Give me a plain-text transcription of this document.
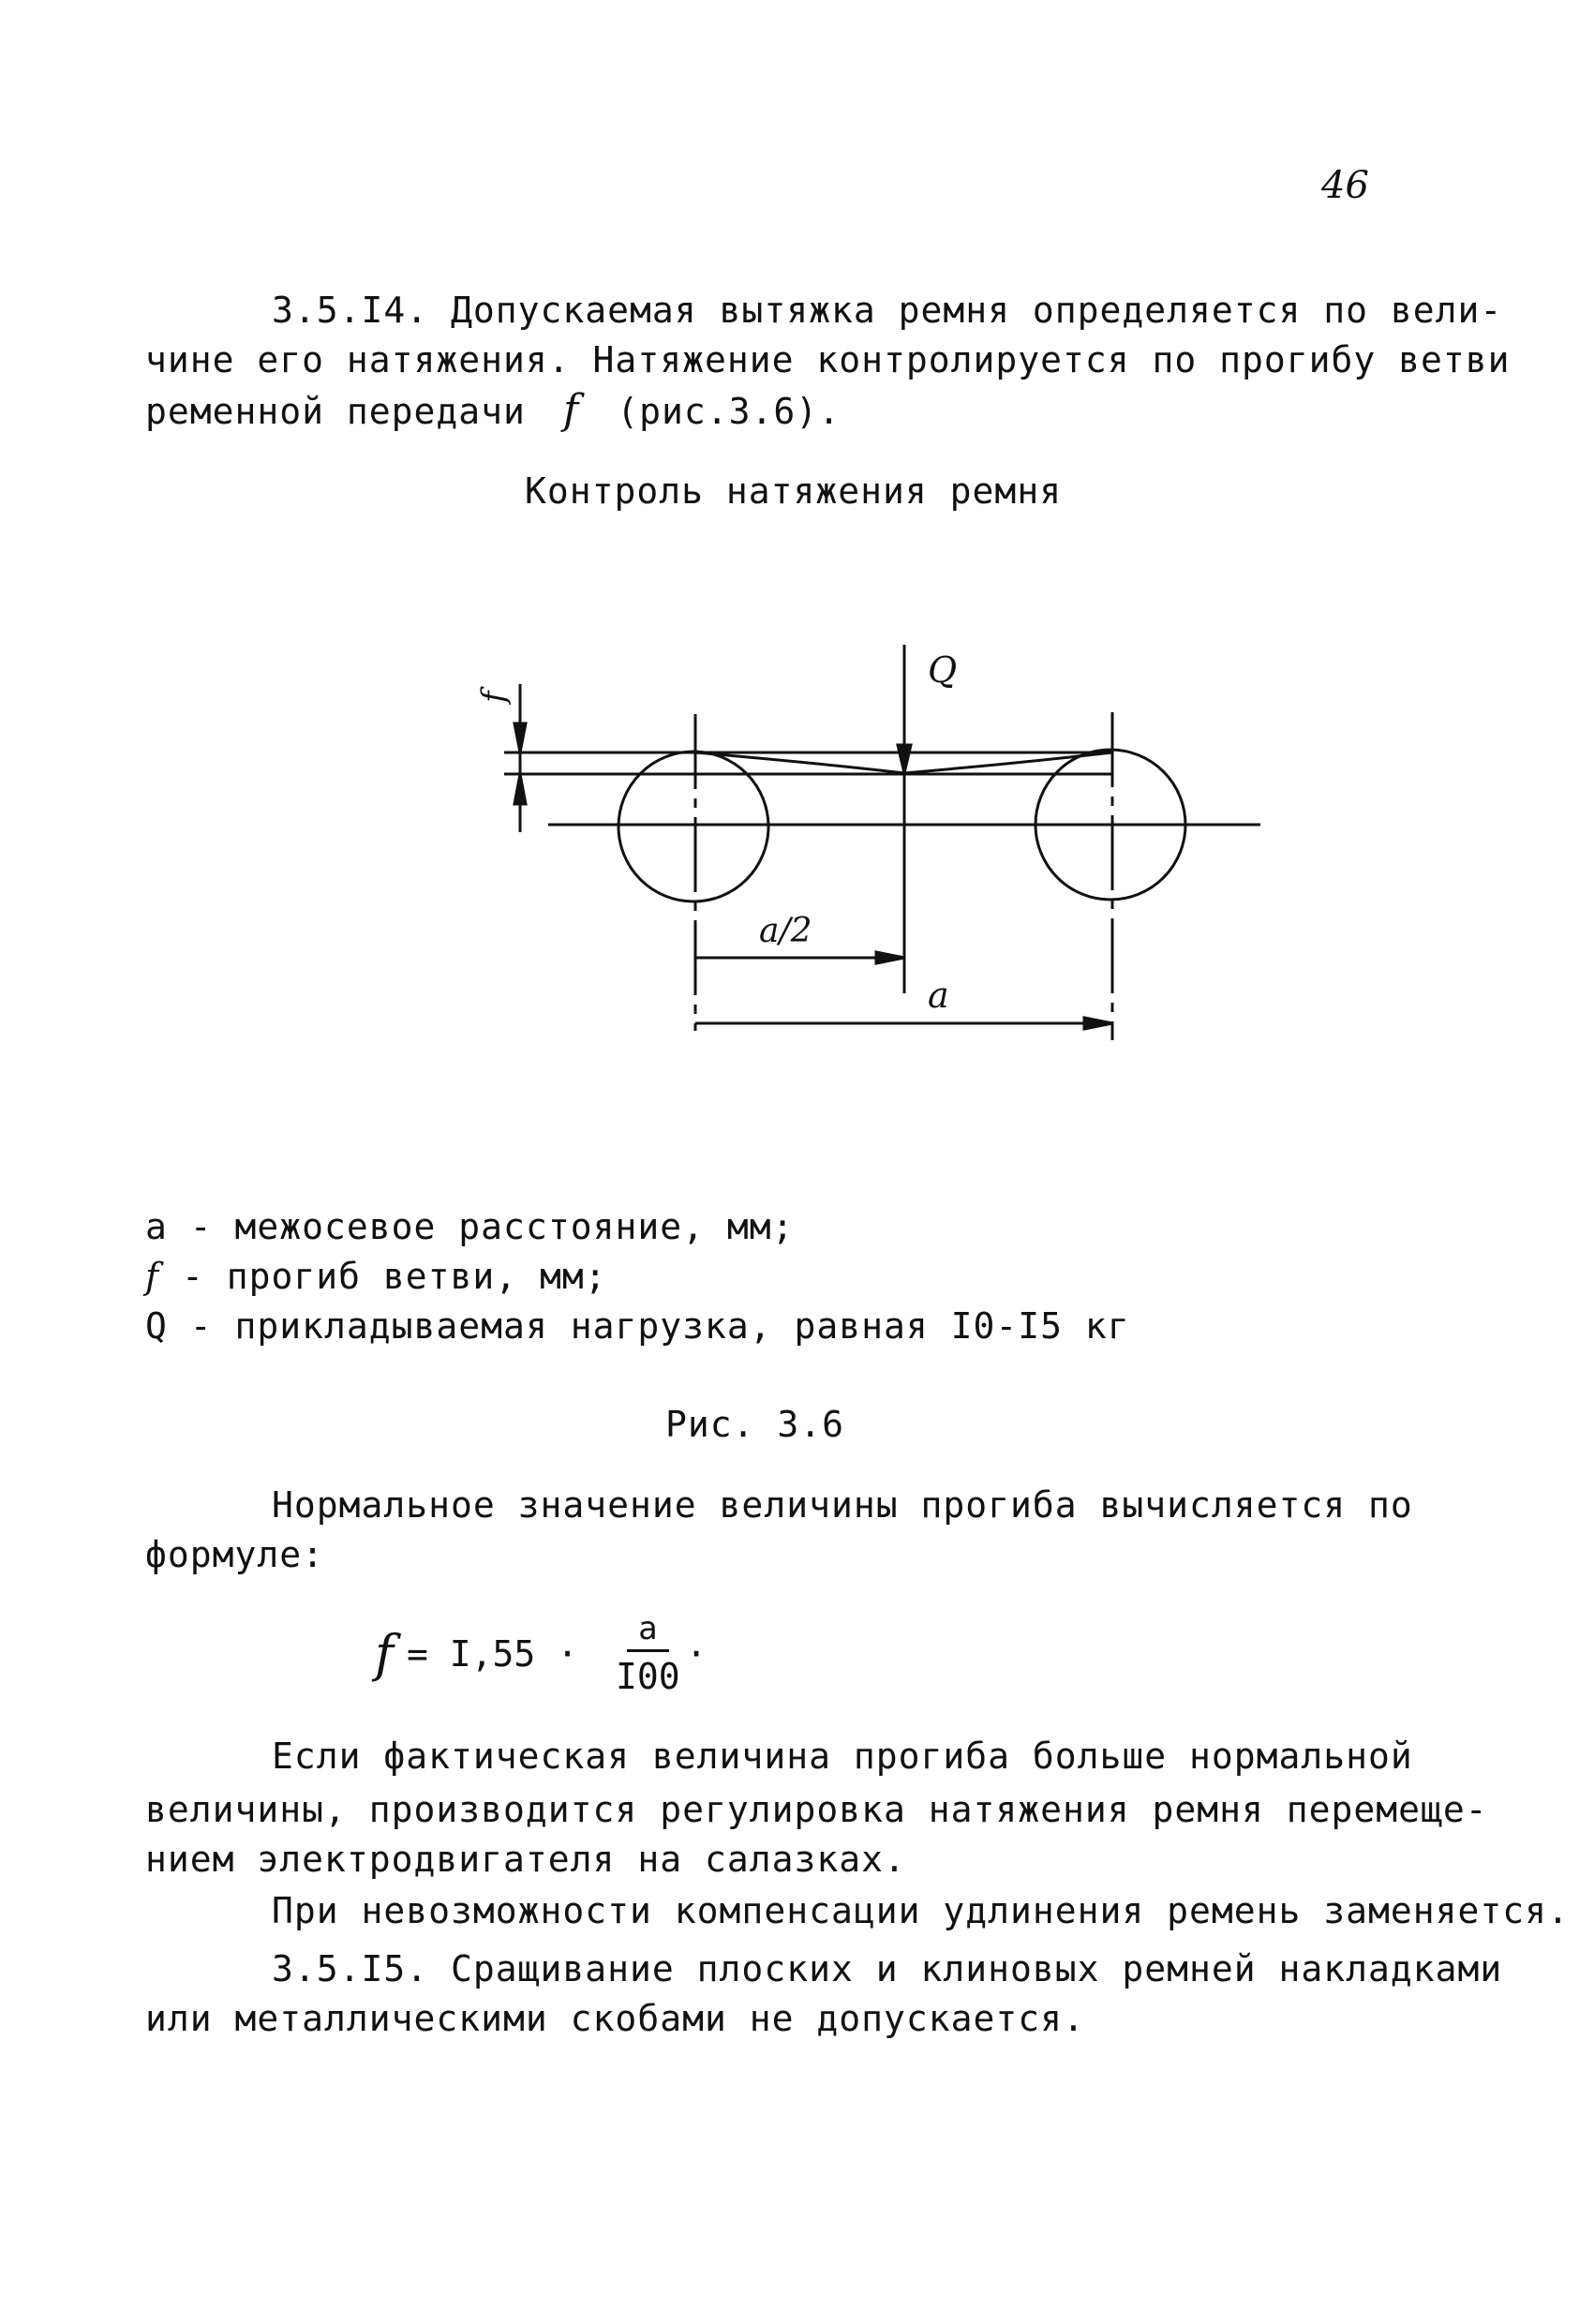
46
3.5.I4. Допускаемая вытяжка ремня определяется по вели-
чине его натяжения. Натяжение контролируется по прогибу ветви
ременной передачи f (рис.3.6).
Контроль натяжения ремня
Q
f
a/2
a
а - межосевое расстояние, мм;
f - прогиб ветви, мм;
Q - прикладываемая нагрузка, равная I0-I5 кг
Рис. 3.6
Нормальное значение величины прогиба вычисляется по
формуле:
$f = I,55 \cdot \frac{a}{I00}$ ·
Если фактическая величина прогиба больше нормальной
величины, производится регулировка натяжения ремня перемеще-
нием электродвигателя на салазках.
При невозможности компенсации удлинения ремень заменяется.
3.5.I5. Сращивание плоских и клиновых ремней накладками
или металлическими скобами не допускается.
